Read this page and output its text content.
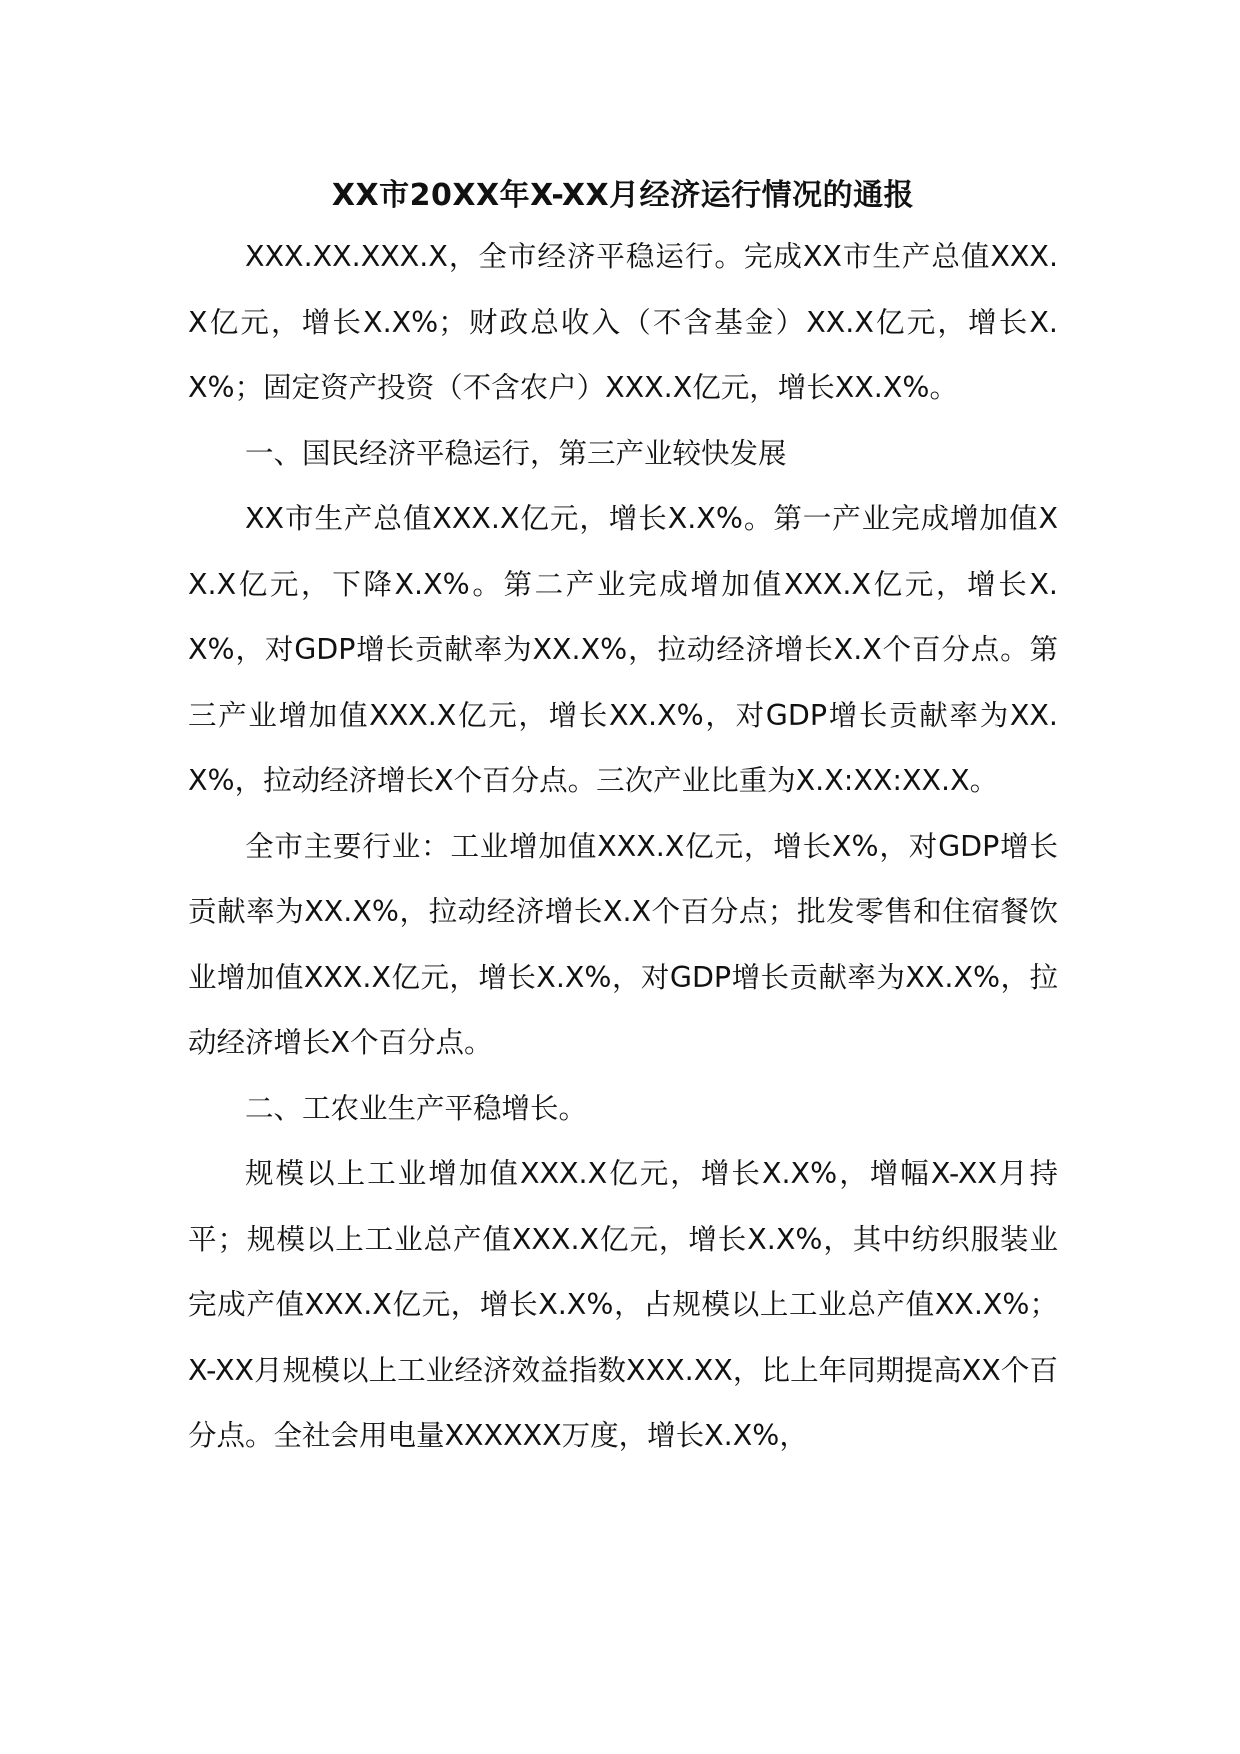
XX市20XX年X-XX月经济运行情况的通报

XXX.XX.XXX.X，全市经济平稳运行。完成XX市生产总值XXX.X亿元，增长X.X%；财政总收入（不含基金）XX.X亿元，增长X.X%；固定资产投资（不含农户）XXX.X亿元，增长XX.X%。

一、国民经济平稳运行，第三产业较快发展

XX市生产总值XXX.X亿元，增长X.X%。第一产业完成增加值XX.X亿元，下降X.X%。第二产业完成增加值XXX.X亿元，增长X.X%，对GDP增长贡献率为XX.X%，拉动经济增长X.X个百分点。第三产业增加值XXX.X亿元，增长XX.X%，对GDP增长贡献率为XX.X%，拉动经济增长X个百分点。三次产业比重为X.X:XX:XX.X。

全市主要行业：工业增加值XXX.X亿元，增长X%，对GDP增长贡献率为XX.X%，拉动经济增长X.X个百分点；批发零售和住宿餐饮业增加值XXX.X亿元，增长X.X%，对GDP增长贡献率为XX.X%，拉动经济增长X个百分点。

二、工农业生产平稳增长。

规模以上工业增加值XXX.X亿元，增长X.X%，增幅X-XX月持平；规模以上工业总产值XXX.X亿元，增长X.X%，其中纺织服装业完成产值XXX.X亿元，增长X.X%，占规模以上工业总产值XX.X%；X-XX月规模以上工业经济效益指数XXX.XX，比上年同期提高XX个百分点。全社会用电量XXXXXX万度，增长X.X%，
